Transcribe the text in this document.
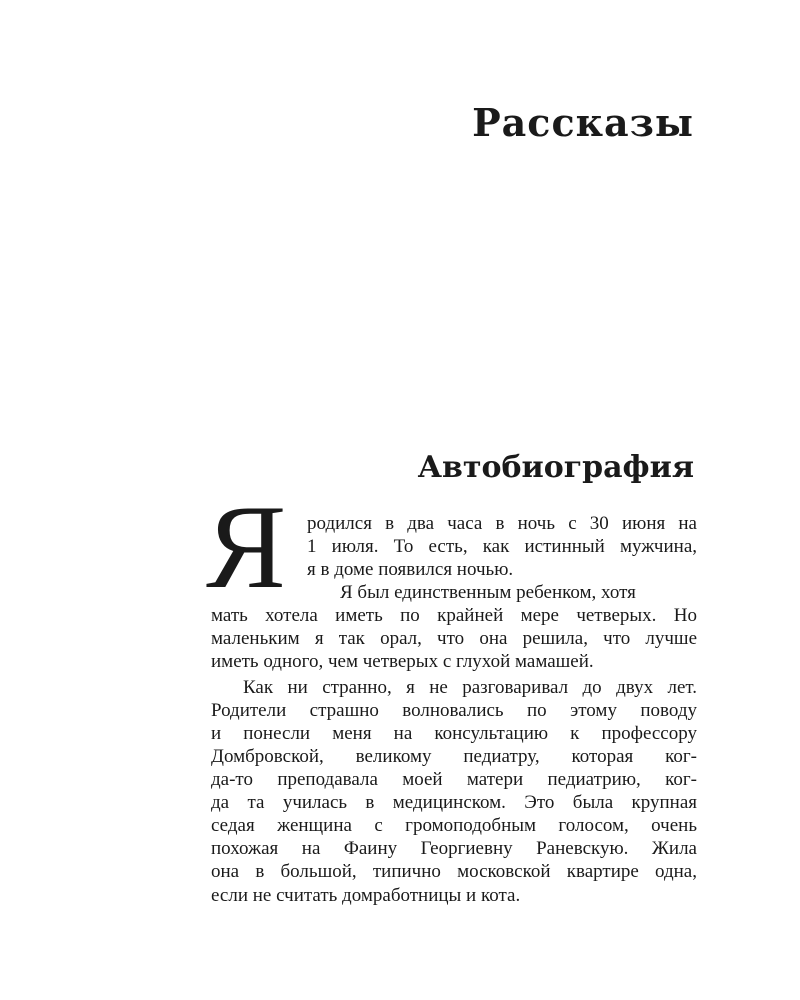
Рассказы
Автобиография
Я родился в два часа в ночь с 30 июня на

1 июля. То есть, как истинный мужчина,

я в доме появился ночью.

Я был единственным ребенком, хотя

мать хотела иметь по крайней мере четверых. Но

маленьким я так орал, что она решила, что лучше

иметь одного, чем четверых с глухой мамашей.

Как ни странно, я не разговаривал до двух лет.

Родители страшно волновались по этому поводу

и понесли меня на консультацию к профессору

Домбровской, великому педиатру, которая ког-

да-то преподавала моей матери педиатрию, ког-

да та училась в медицинском. Это была крупная

седая женщина с громоподобным голосом, очень

похожая на Фаину Георгиевну Раневскую. Жила

она в большой, типично московской квартире одна,

если не считать домработницы и кота.
